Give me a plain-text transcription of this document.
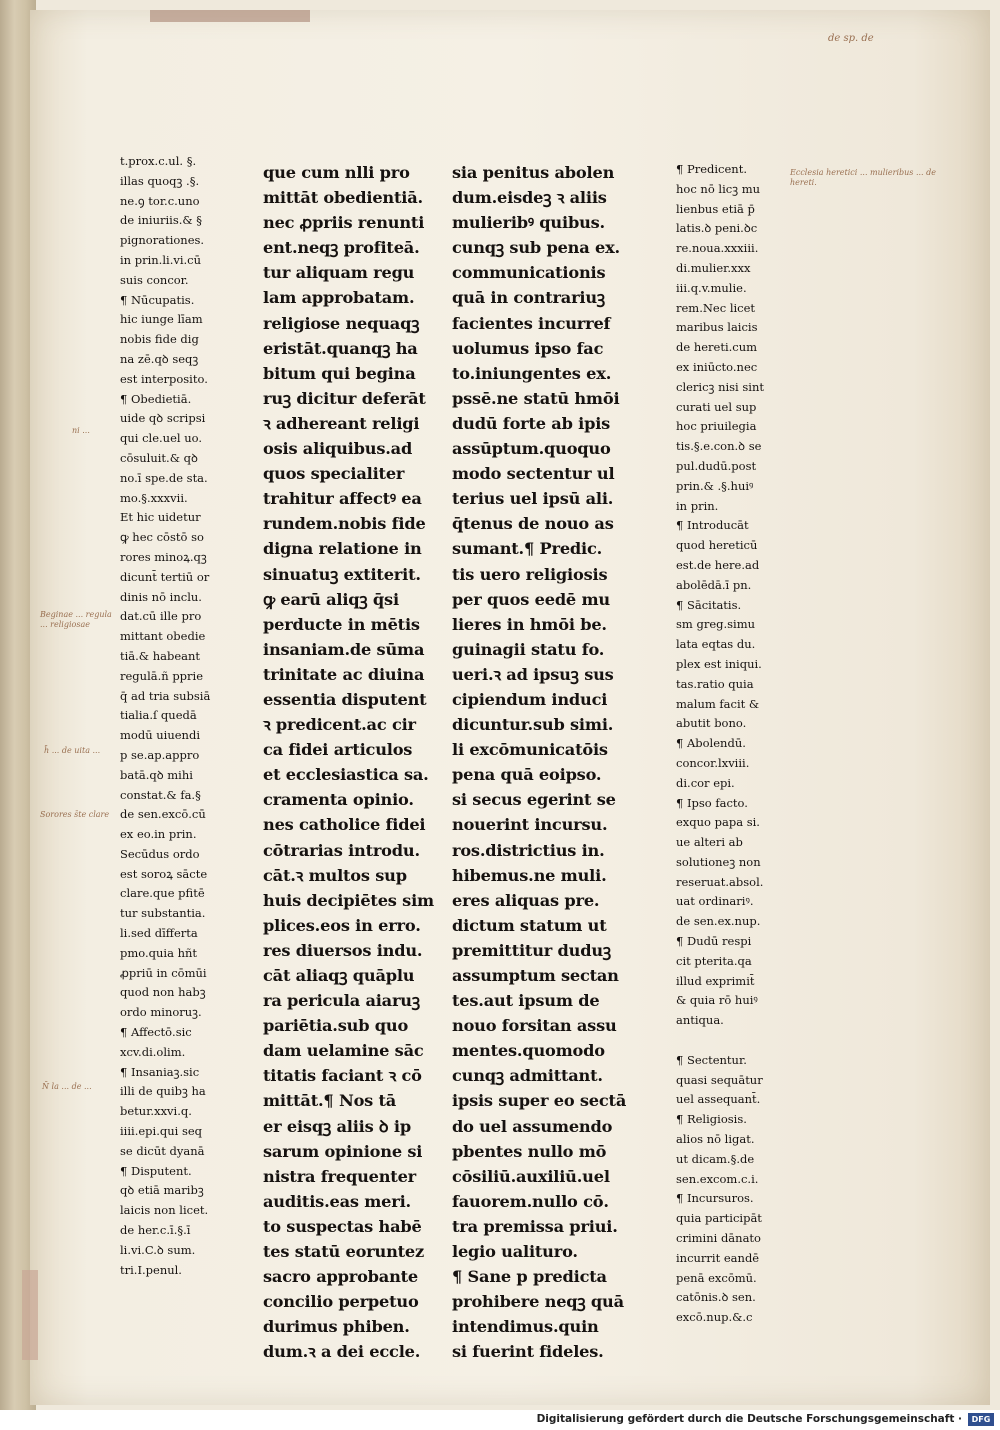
t.prox.c.ul. §.

illas quoqꝫ .§.

ne.ꝯ tor.c.uno

de iniuriis.& §

pignorationes.

in prin.li.vi.cū

suis concor.

¶ Nūcupatis.

hic iunge līam

nobis fide dig

na zē.qꝺ seqꝫ

est interposito.

¶ Obedietiā.

uide qꝺ scripsi

qui cle.uel uo.

cōsuluit.& qꝺ

no.ī spe.de sta.

mo.§.xxxvii.

Et hic uidetur

ꝙ hec cōstō so

rores minoꝝ.qꝫ

dicunt̄ tertiū or

dinis nō inclu.

dat.cū ille pro

mittant obedie

tiā.& habeant

regulā.ñ pprie

q̄ ad tria subsiā

tialia.ſ quedā

modū uiuendi

p se.ap.appro

batā.qꝺ mihi

constat.& fa.§

de sen.excō.cū

ex eo.in prin.

Secūdus ordo

est soroꝝ sācte

clare.que pfitē

tur substantia.

li.sed dīfferta

pmo.quia hñt

ꝓpriū in cōmūi

quod non habꝫ

ordo minoruꝫ.

¶ Affectō.sic

xcv.di.olim.

¶ Insaniaꝫ.sic

illi de quibꝫ ha

betur.xxvi.q.

iiii.epi.qui seq

se dicūt dyanā

¶ Disputent.

qꝺ etiā maribꝫ

laicis non licet.

de her.c.ī.§.ī

li.vi.C.ꝺ sum.

tri.I.penul.

que cum nlli pro

mittāt obedientiā.

nec ꝓpriis renunti

ent.neqꝫ profiteā.

tur aliquam regu

lam approbatam.

religiose nequaqꝫ

eristāt.quanqꝫ ha

bitum qui begina

ruꝫ dicitur deferāt

ꝛ adhereant religi

osis aliquibus.ad

quos specialiter

trahitur affectꝰ ea

rundem.nobis fide

digna relatione in

sinuatuꝫ extiterit.

ꝙ earū aliqꝫ q̄si

perducte in mētis

insaniam.de sūma

trinitate ac diuina

essentia disputent

ꝛ predicent.ac cir

ca fidei articulos

et ecclesiastica sa.

cramenta opinio.

nes catholice fidei

cōtrarias introdu.

cāt.ꝛ multos sup

huis decipiētes sim

plices.eos in erro.

res diuersos indu.

cāt aliaqꝫ quāplu

ra pericula aiaruꝫ

pariētia.sub quo

dam uelamine sāc

titatis faciant ꝛ cō

mittāt.¶ Nos tā

er eisqꝫ aliis ꝺ ip

sarum opinione si

nistra frequenter

auditis.eas meri.

to suspectas habē

tes statū eoruntez

sacro approbante

concilio perpetuo

durimus phiben.

dum.ꝛ a dei eccle.

sia penitus abolen

dum.eisdeꝫ ꝛ aliis

mulieribꝰ quibus.

cunqꝫ sub pena ex.

communicationis

quā in contrariuꝫ

facientes incurref

uolumus ipso fac

to.iniungentes ex.

pssē.ne statū hmōi

dudū forte ab ipis

assūptum.quoquo

modo sectentur ul

terius uel ipsū ali.

q̄tenus de nouo as

sumant.¶ Predic.

tis uero religiosis

per quos eedē mu

lieres in hmōi be.

guinagii statu fo.

ueri.ꝛ ad ipsuꝫ sus

cipiendum induci

dicuntur.sub simi.

li excōmunicatōis

pena quā eoipso.

si secus egerint se

nouerint incursu.

ros.districtius in.

hibemus.ne muli.

eres aliquas pre.

dictum statum ut

premittitur duduꝫ

assumptum sectan

tes.aut ipsum de

nouo forsitan assu

mentes.quomodo

cunqꝫ admittant.

ipsis super eo sectā

do uel assumendo

pbentes nullo mō

cōsiliū.auxiliū.uel

fauorem.nullo cō.

tra premissa priui.

legio ualituro.

¶ Sane p predicta

prohibere neqꝫ quā

intendimus.quin

si fuerint fideles.

¶ Predicent.

hoc nō licꝫ mu

lienbus etiā p̄

latis.ꝺ peni.ꝺc

re.noua.xxxiii.

di.mulier.xxx

iii.q.v.mulie.

rem.Nec licet

maribus laicis

de hereti.cum

ex iniūcto.nec

clericꝫ nisi sint

curati uel sup

hoc priuilegia

tis.§.e.con.ꝺ se

pul.dudū.post

prin.& .§.huiꝰ

in prin.

¶ Introducāt

quod hereticū

est.de here.ad

abolēdā.ī pn.

¶ Sācitatis.

sm greg.simu

lata eqtas du.

plex est iniqui.

tas.ratio quia

malum facit &

abutit bono.

¶ Abolendū.

concor.lxviii.

di.cor epi.

¶ Ipso facto.

exquo papa si.

ue alteri ab

solutioneꝫ non

reseruat.absol.

uat ordinariꝰ.

de sen.ex.nup.

¶ Dudū respi

cit pterita.qa

illud exprimit̄

& quia rō huiꝰ

antiqua.

¶ Sectentur.

quasi sequātur

uel assequant̄.

¶ Religiosis.

alios nō ligat.

ut dicam.§.de

sen.excom.c.i.

¶ Incursuros.

quia participāt

crimini dānato

incurrit eandē

penā excōmū.

catōnis.ꝺ sen.

excō.nup.&.c

de sp. de
Ecclesia heretici ... mulieribus ... de hereti.
Beginae ... regula ... religiosae
h̄ ... de uita ...
Sorores s̄te clare
N̄ la ... de ...
ni ...
Digitalisierung gefördert durch die Deutsche Forschungsgemeinschaft ·	DFG
